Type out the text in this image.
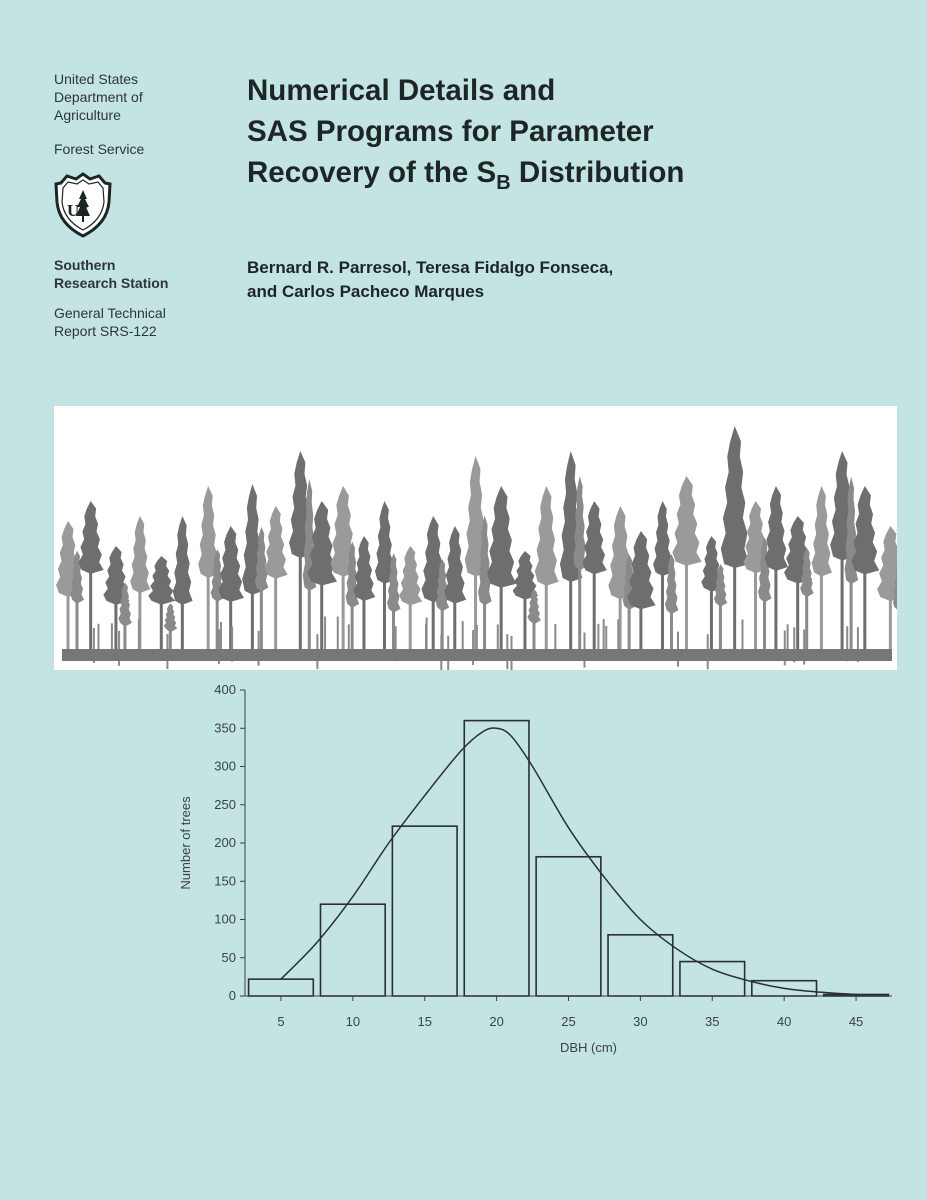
United States
Department of
Agriculture

Forest Service

US

Southern
Research Station

General Technical
Report SRS-122

Numerical Details and
SAS Programs for Parameter
Recovery of the $S_B$ Distribution

Bernard R. Parresol, Teresa Fidalgo Fonseca,
and Carlos Pacheco Marques

0
50
100
150
200
250
300
350
400
5	10	15	20	25	30	35	40	45
DBH (cm)
Number of trees
